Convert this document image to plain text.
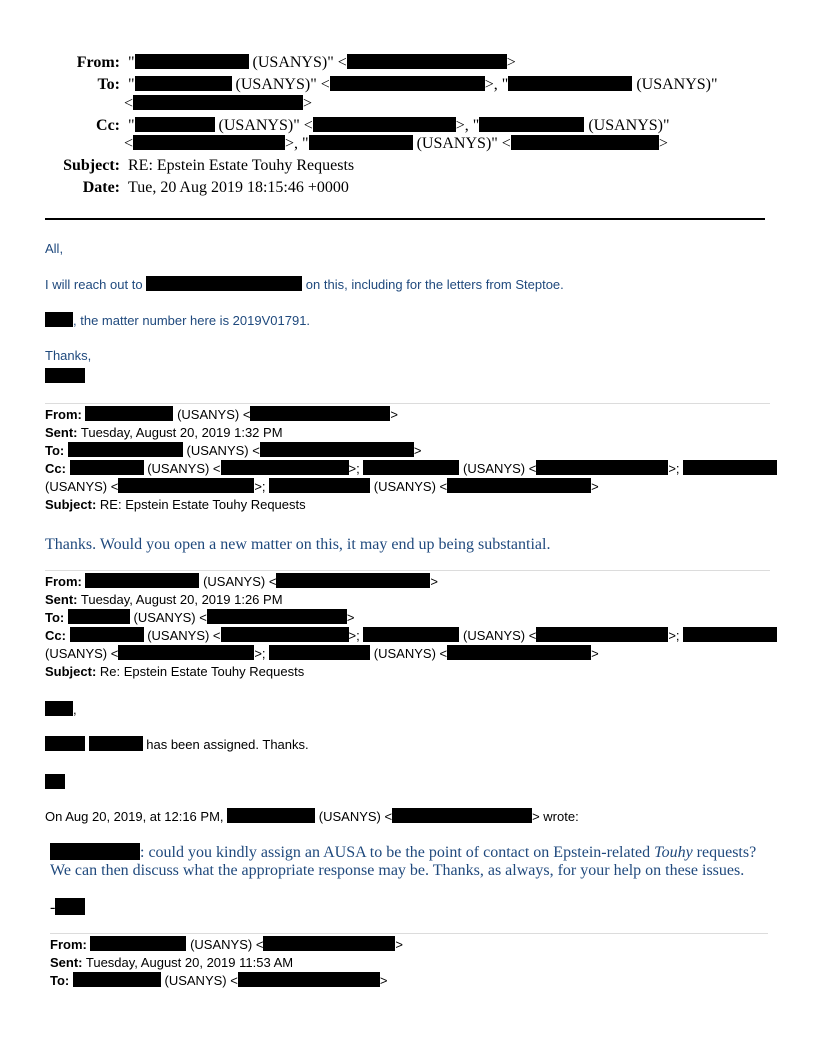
From: "	(USANYS)" <	>
To: "	(USANYS)" <	>, "	(USANYS)"
<	>
Cc: "	(USANYS)" <	>, "	(USANYS)"
<	>, "	(USANYS)" <	>
Subject: RE: Epstein Estate Touhy Requests
Date: Tue, 20 Aug 2019 18:15:46 +0000
All,
I will reach out to	on this, including for the letters from Steptoe.
, the matter number here is 2019V01791.
Thanks,
From:	(USANYS) <	>
Sent: Tuesday, August 20, 2019 1:32 PM
To:	(USANYS) <	>
Cc:	(USANYS) <	>;	(USANYS) <	>;
(USANYS) <	>;	(USANYS) <	>
Subject: RE: Epstein Estate Touhy Requests
Thanks. Would you open a new matter on this, it may end up being substantial.
From:	(USANYS) <	>
Sent: Tuesday, August 20, 2019 1:26 PM
To:	(USANYS) <	>
Cc:	(USANYS) <	>;	(USANYS) <	>;
(USANYS) <	>;	(USANYS) <	>
Subject: Re: Epstein Estate Touhy Requests
,
has been assigned. Thanks.
On Aug 20, 2019, at 12:16 PM,	(USANYS) <	> wrote:
: could you kindly assign an AUSA to be the point of contact on Epstein-related Touhy requests?
We can then discuss what the appropriate response may be. Thanks, as always, for your help on these issues.
-
From:	(USANYS) <	>
Sent: Tuesday, August 20, 2019 11:53 AM
To:	(USANYS) <	>
